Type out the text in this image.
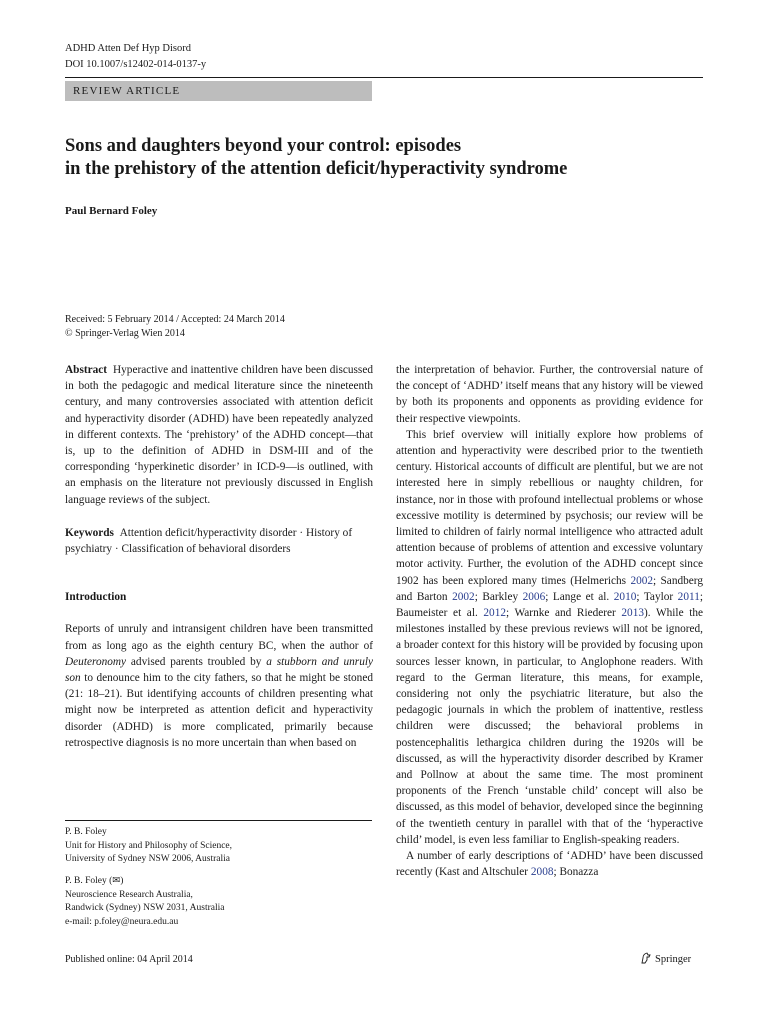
ADHD Atten Def Hyp Disord
DOI 10.1007/s12402-014-0137-y
REVIEW ARTICLE
Sons and daughters beyond your control: episodes
in the prehistory of the attention deficit/hyperactivity syndrome
Paul Bernard Foley
Received: 5 February 2014 / Accepted: 24 March 2014
© Springer-Verlag Wien 2014

Abstract Hyperactive and inattentive children have been discussed in both the pedagogic and medical literature since the nineteenth century, and many controversies associated with attention deficit and hyperactivity disorder (ADHD) have been repeatedly analyzed in different contexts. The ‘prehistory’ of the ADHD concept—that is, up to the definition of ADHD in DSM-III and of the corresponding ‘hyperkinetic disorder’ in ICD-9—is outlined, with an emphasis on the literature not previously discussed in English language reviews of the subject.

Keywords Attention deficit/hyperactivity disorder · History of psychiatry · Classification of behavioral disorders

Introduction

Reports of unruly and intransigent children have been transmitted from as long ago as the eighth century BC, when the author of Deuteronomy advised parents troubled by a stubborn and unruly son to denounce him to the city fathers, so that he might be stoned (21: 18–21). But identifying accounts of children presenting what might now be interpreted as attention deficit and hyperactivity disorder (ADHD) is more complicated, primarily because retrospective diagnosis is no more uncertain than when based on

P. B. Foley
Unit for History and Philosophy of Science,
University of Sydney NSW 2006, Australia
P. B. Foley (✉)
Neuroscience Research Australia,
Randwick (Sydney) NSW 2031, Australia
e-mail: p.foley@neura.edu.au

the interpretation of behavior. Further, the controversial nature of the concept of ‘ADHD’ itself means that any history will be viewed by both its proponents and opponents as providing evidence for their respective viewpoints.

This brief overview will initially explore how problems of attention and hyperactivity were described prior to the twentieth century. Historical accounts of difficult are plentiful, but we are not interested here in simply rebellious or naughty children, for instance, nor in those with profound intellectual problems or whose excessive motility is determined by psychosis; our review will be limited to children of fairly normal intelligence who attracted adult attention because of problems of attention and excessive voluntary motor activity. Further, the evolution of the ADHD concept since 1902 has been explored many times (Helmerichs 2002; Sandberg and Barton 2002; Barkley 2006; Lange et al. 2010; Taylor 2011; Baumeister et al. 2012; Warnke and Riederer 2013). While the milestones installed by these previous reviews will not be ignored, a broader context for this history will be provided by focusing upon sources lesser known, in particular, to Anglophone readers. With regard to the German literature, this means, for example, considering not only the psychiatric literature, but also the pedagogic journals in which the problem of inattentive, restless children were discussed; the behavioral problems in postencephalitis lethargica children during the 1920s will be discussed, as will the hyperactivity disorder described by Kramer and Pollnow at about the same time. The most prominent proponents of the French ‘unstable child’ concept will also be discussed, as this model of behavior, developed since the beginning of the twentieth century in parallel with that of the ‘hyperactive child’ model, is even less familiar to English-speaking readers.

A number of early descriptions of ‘ADHD’ have been discussed recently (Kast and Altschuler 2008; Bonazza

Published online: 04 April 2014	Springer
